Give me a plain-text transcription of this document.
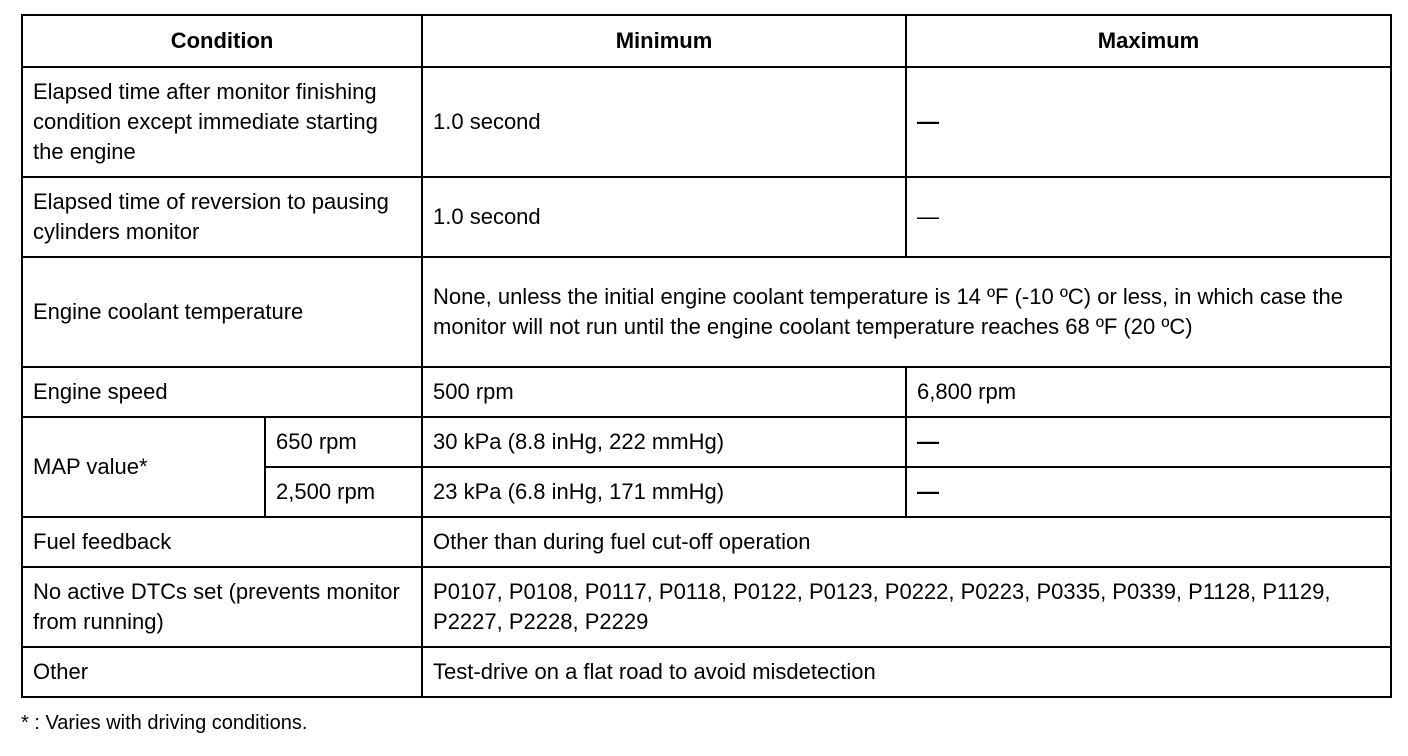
Condition		Minimum	Maximum
Elapsed time after monitor finishing condition except immediate starting the engine		1.0 second	—
Elapsed time of reversion to pausing cylinders monitor		1.0 second	—
Engine coolant temperature		None, unless the initial engine coolant temperature is 14 ºF (-10 ºC) or less, in which case the monitor will not run until the engine coolant temperature reaches 68 ºF (20 ºC)	
Engine speed		500 rpm	6,800 rpm
MAP value*	650 rpm	30 kPa (8.8 inHg, 222 mmHg)	—
	2,500 rpm	23 kPa (6.8 inHg, 171 mmHg)	—
Fuel feedback		Other than during fuel cut-off operation	
No active DTCs set (prevents monitor from running)		P0107, P0108, P0117, P0118, P0122, P0123, P0222, P0223, P0335, P0339, P1128, P1129, P2227, P2228, P2229	
Other		Test-drive on a flat road to avoid misdetection	
* : Varies with driving conditions.
